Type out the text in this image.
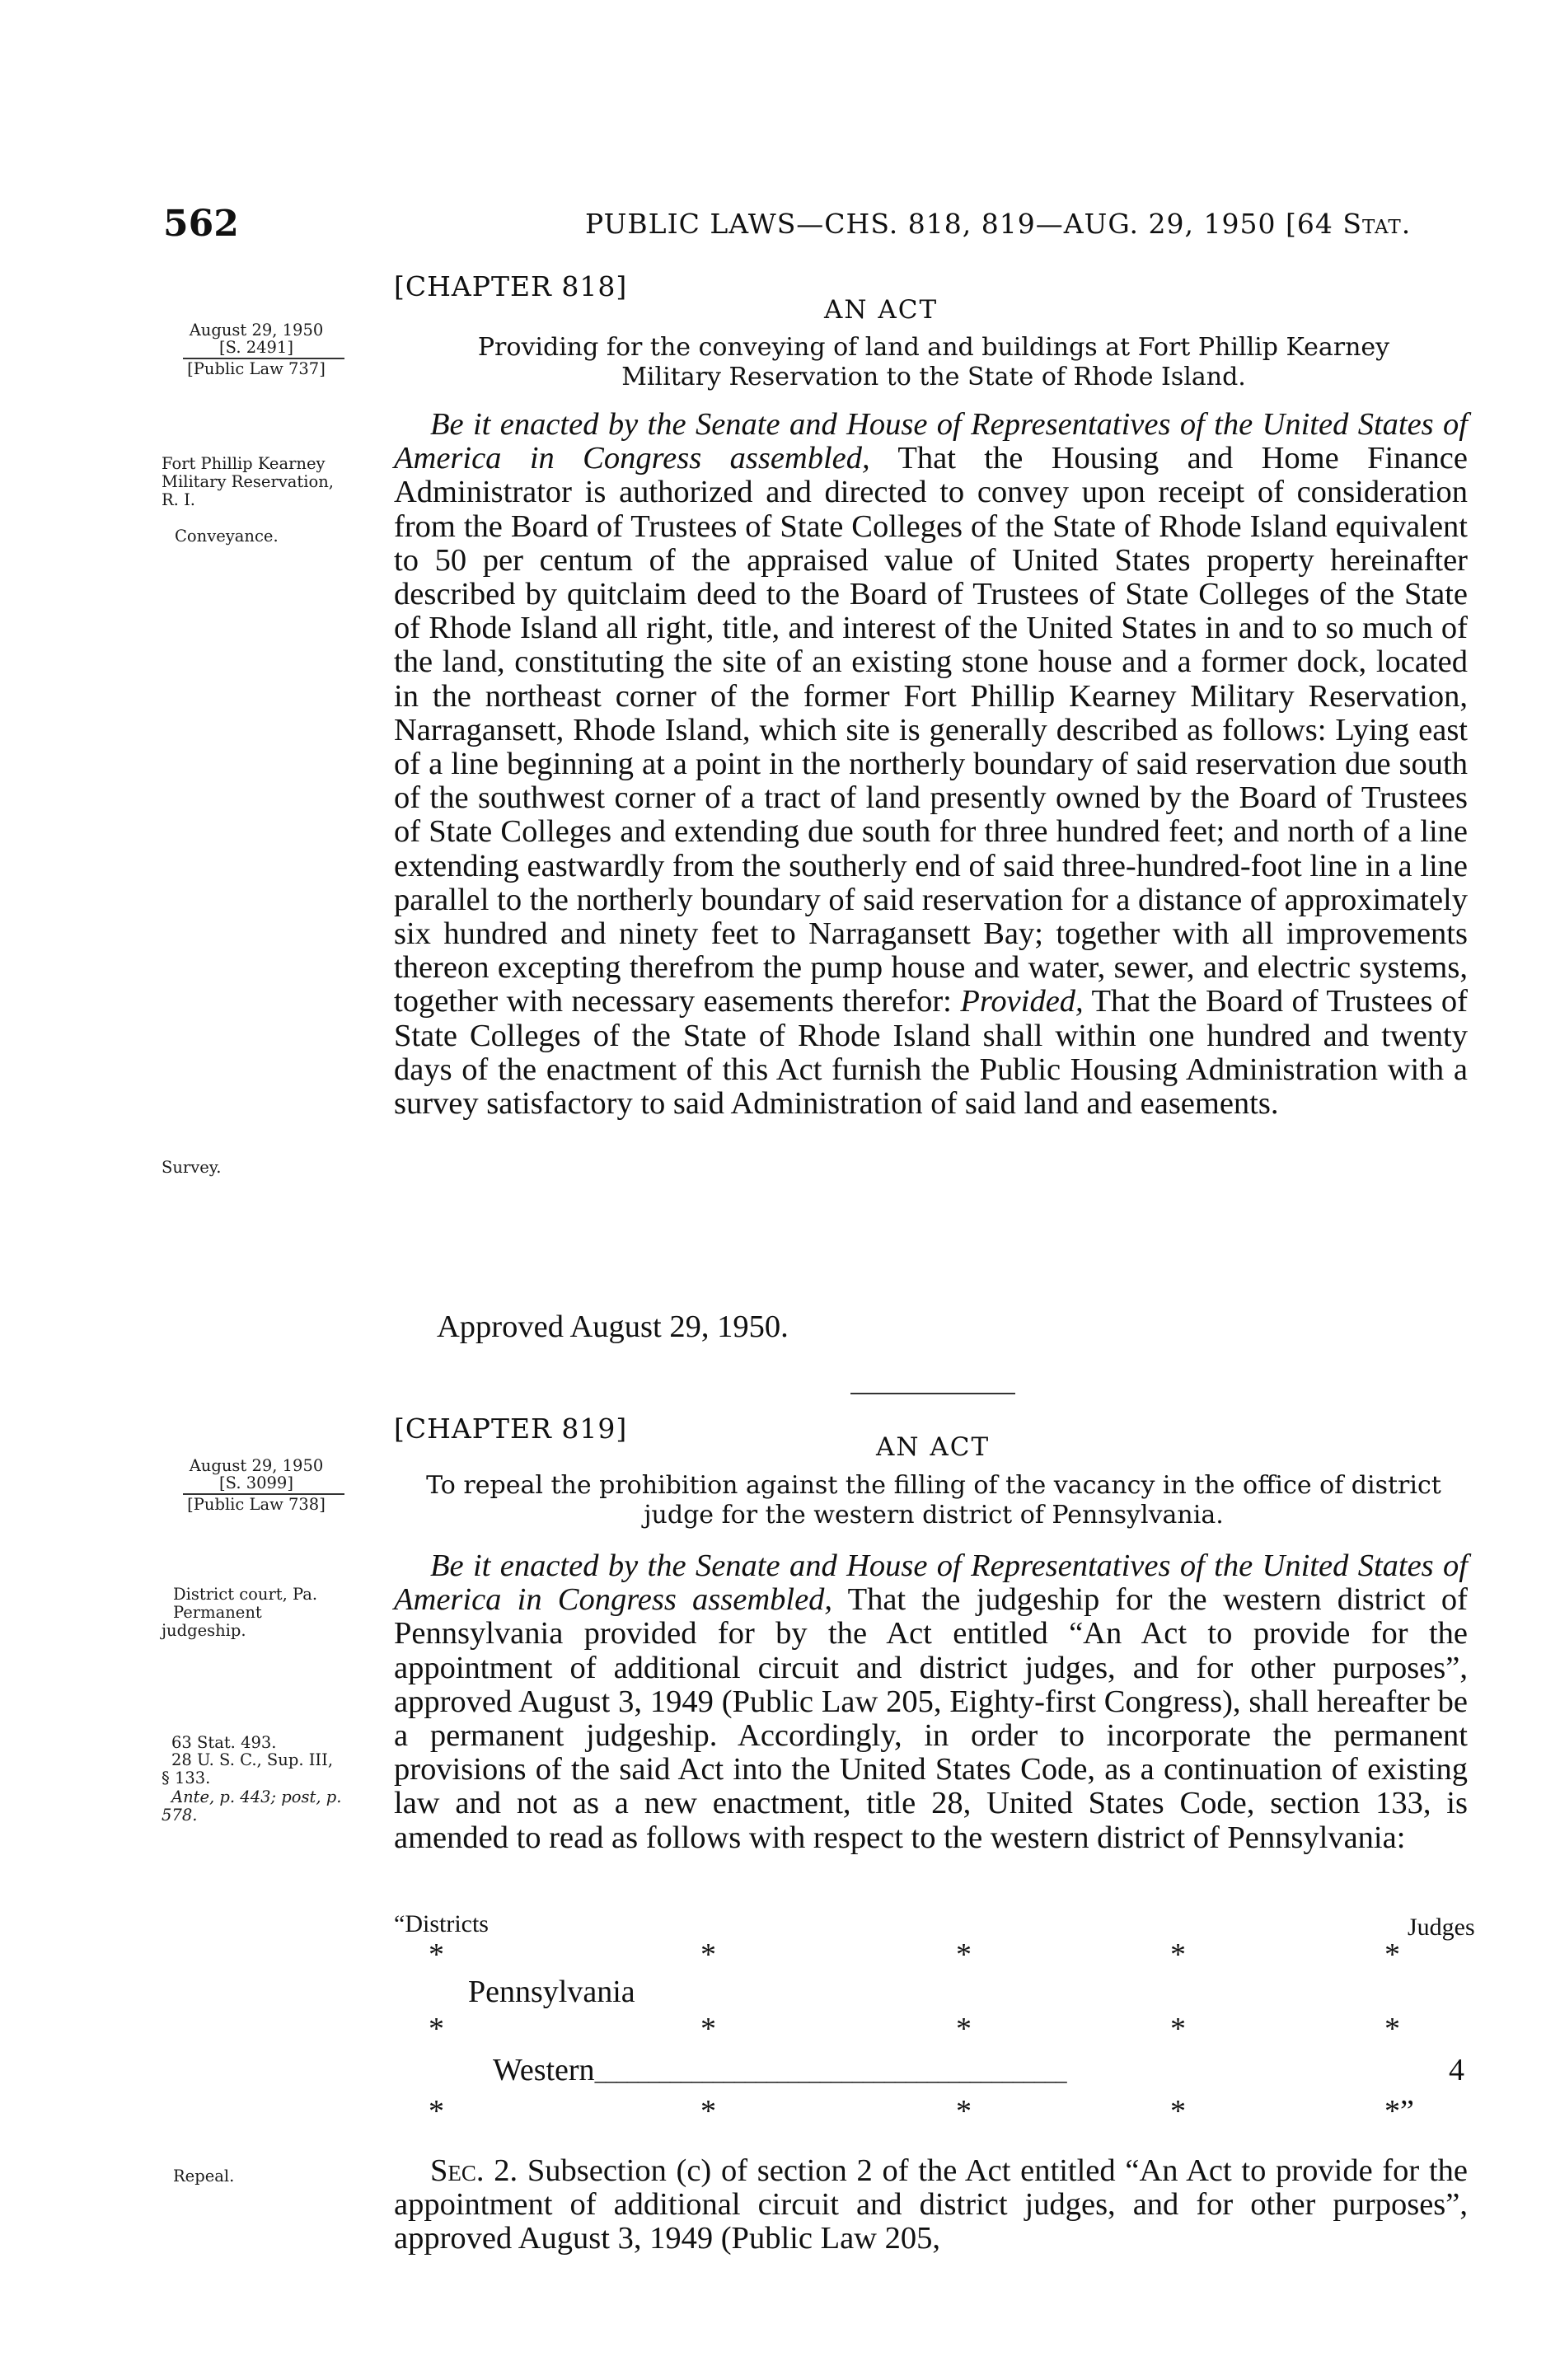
562	PUBLIC LAWS—CHS. 818, 819—AUG. 29, 1950 [64 Stat.
[CHAPTER 818]
AN ACT
Providing for the conveying of land and buildings at Fort Phillip Kearney
Military Reservation to the State of Rhode Island.
August 29, 1950
[S. 2491]
[Public Law 737]
Fort Phillip Kearney Military Reservation, R. I.
Conveyance.
Survey.
Be it enacted by the Senate and House of Representatives of the United States of America in Congress assembled, That the Housing and Home Finance Administrator is authorized and directed to convey upon receipt of consideration from the Board of Trustees of State Colleges of the State of Rhode Island equivalent to 50 per centum of the appraised value of United States property hereinafter described by quitclaim deed to the Board of Trustees of State Colleges of the State of Rhode Island all right, title, and interest of the United States in and to so much of the land, constituting the site of an existing stone house and a former dock, located in the northeast corner of the former Fort Phillip Kearney Military Reservation, Narragansett, Rhode Island, which site is generally described as follows: Lying east of a line beginning at a point in the northerly boundary of said reservation due south of the southwest corner of a tract of land presently owned by the Board of Trustees of State Colleges and extending due south for three hundred feet; and north of a line extending eastwardly from the southerly end of said three-hundred-foot line in a line parallel to the northerly boundary of said reservation for a distance of approximately six hundred and ninety feet to Narragansett Bay; together with all improvements thereon excepting therefrom the pump house and water, sewer, and electric systems, together with necessary easements therefor: Provided, That the Board of Trustees of State Colleges of the State of Rhode Island shall within one hundred and twenty days of the enactment of this Act furnish the Public Housing Administration with a survey satisfactory to said Administration of said land and easements.
Approved August 29, 1950.
[CHAPTER 819]
AN ACT
To repeal the prohibition against the filling of the vacancy in the office of district
judge for the western district of Pennsylvania.
August 29, 1950
[S. 3099]
[Public Law 738]
District court, Pa.
Permanent judgeship.
63 Stat. 493.
28 U. S. C., Sup. III, § 133.
Ante, p. 443; post, p. 578.
Repeal.
Be it enacted by the Senate and House of Representatives of the United States of America in Congress assembled, That the judgeship for the western district of Pennsylvania provided for by the Act entitled “An Act to provide for the appointment of additional circuit and district judges, and for other purposes”, approved August 3, 1949 (Public Law 205, Eighty-first Congress), shall hereafter be a permanent judgeship. Accordingly, in order to incorporate the permanent provisions of the said Act into the United States Code, as a continuation of existing law and not as a new enactment, title 28, United States Code, section 133, is amended to read as follows with respect to the western district of Pennsylvania:
“Districts	Judges
*	*	*	*	*
Pennsylvania
*	*	*	*	*
Western____________________________________________	4
*	*	*	*	*”
Sec. 2. Subsection (c) of section 2 of the Act entitled “An Act to provide for the appointment of additional circuit and district judges, and for other purposes”, approved August 3, 1949 (Public Law 205,
